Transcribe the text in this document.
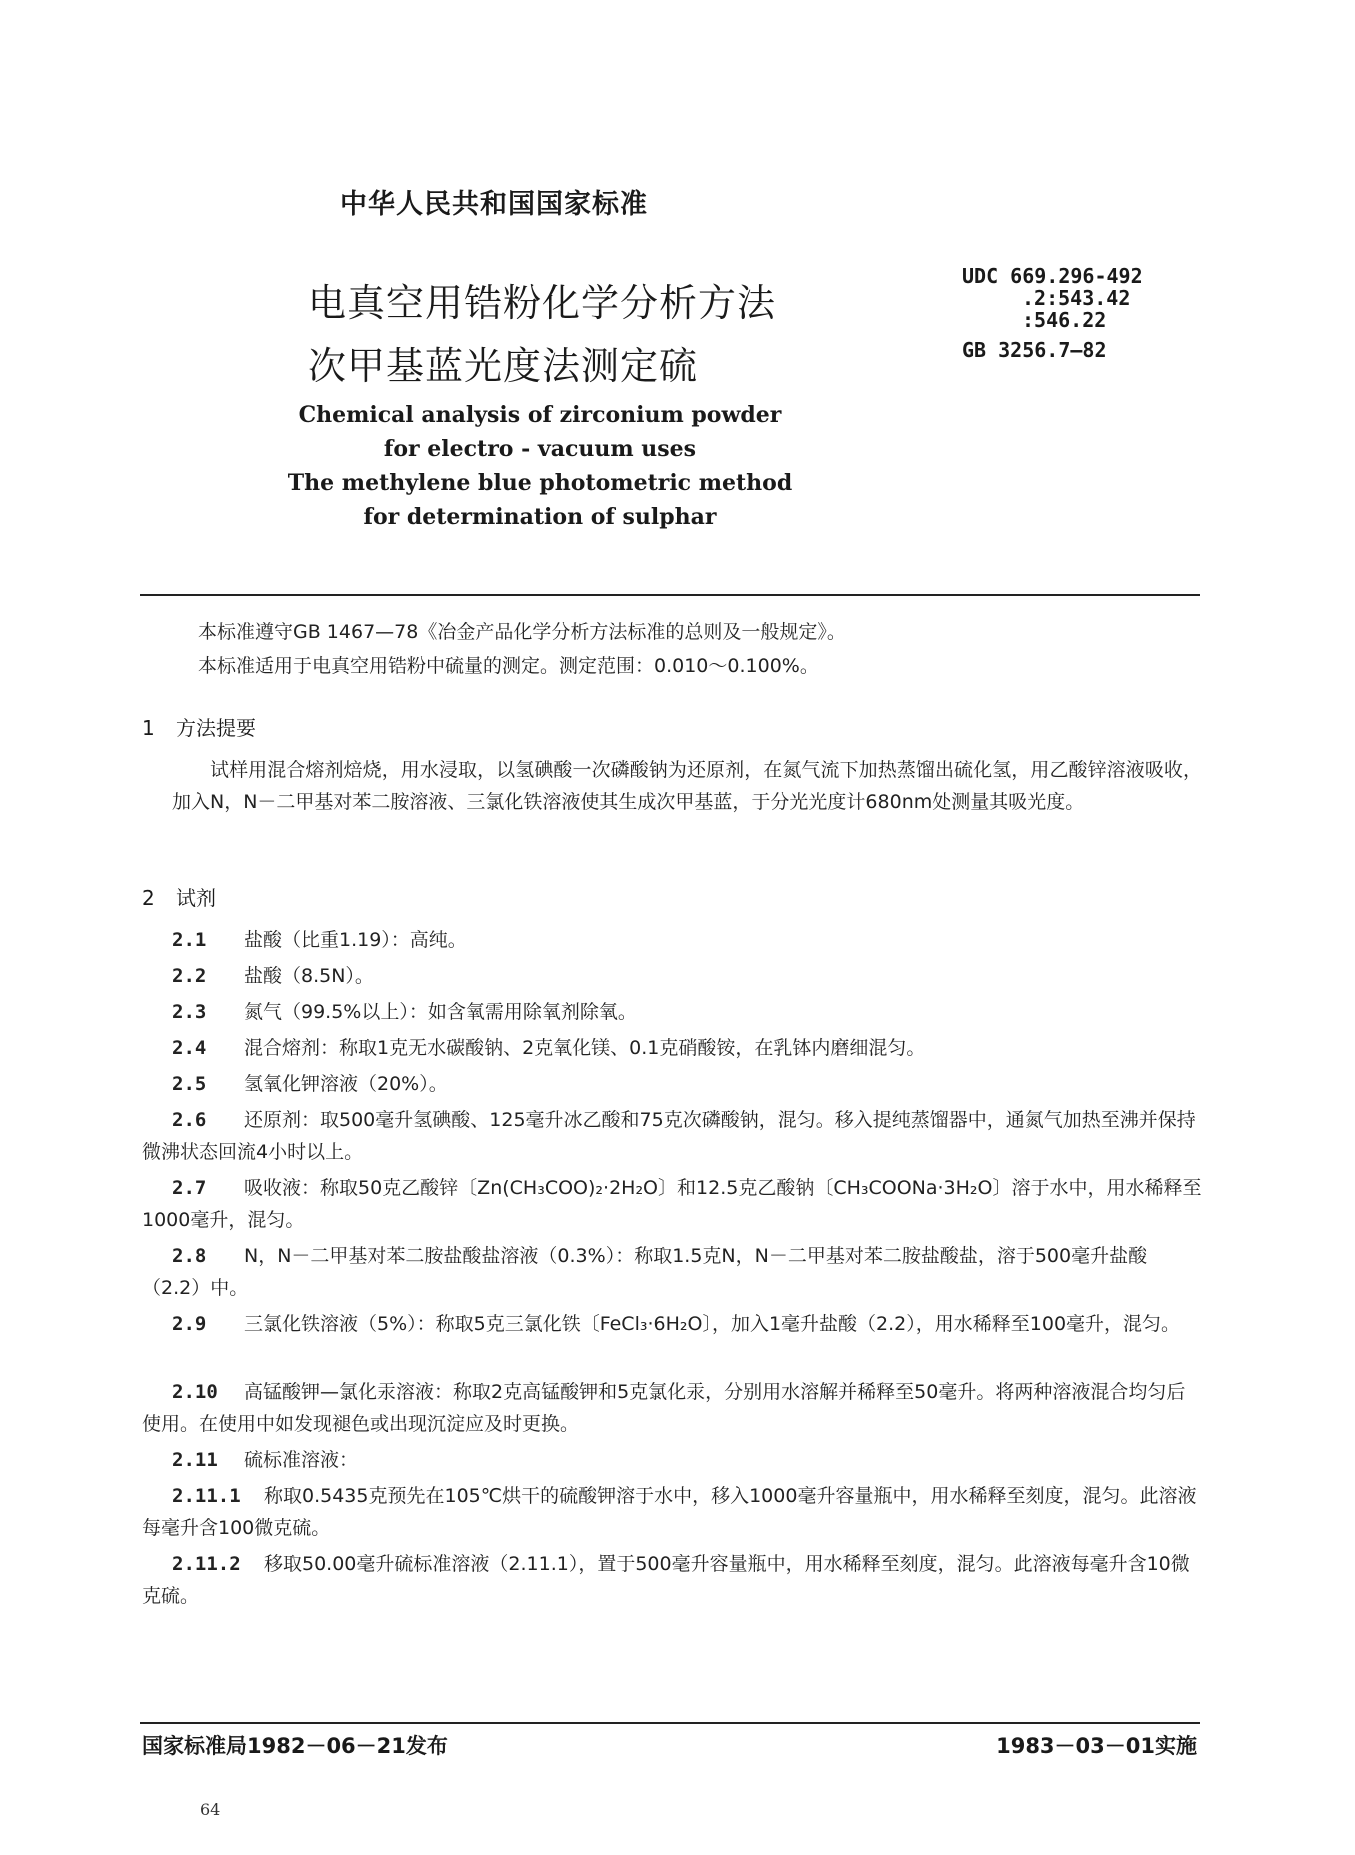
中华人民共和国国家标准
电真空用锆粉化学分析方法
次甲基蓝光度法测定硫
UDC 669.296-492
.2:543.42
:546.22
GB 3256.7—82
Chemical analysis of zirconium powder
for electro - vacuum uses
The methylene blue photometric method
for determination of sulphar
本标准遵守GB 1467—78《冶金产品化学分析方法标准的总则及一般规定》。
本标准适用于电真空用锆粉中硫量的测定。测定范围：0.010～0.100%。
1 方法提要
试样用混合熔剂焙烧，用水浸取，以氢碘酸一次磷酸钠为还原剂，在氮气流下加热蒸馏出硫化氢，用乙酸锌溶液吸收，加入N，N－二甲基对苯二胺溶液、三氯化铁溶液使其生成次甲基蓝，于分光光度计680nm处测量其吸光度。
2 试剂
2.1 盐酸（比重1.19）：高纯。
2.2 盐酸（8.5N）。
2.3 氮气（99.5%以上）：如含氧需用除氧剂除氧。
2.4 混合熔剂：称取1克无水碳酸钠、2克氧化镁、0.1克硝酸铵，在乳钵内磨细混匀。
2.5 氢氧化钾溶液（20%）。
2.6 还原剂：取500毫升氢碘酸、125毫升冰乙酸和75克次磷酸钠，混匀。移入提纯蒸馏器中，通氮气加热至沸并保持微沸状态回流4小时以上。
2.7 吸收液：称取50克乙酸锌〔Zn(CH₃COO)₂·2H₂O〕和12.5克乙酸钠〔CH₃COONa·3H₂O〕溶于水中，用水稀释至1000毫升，混匀。
2.8 N，N－二甲基对苯二胺盐酸盐溶液（0.3%）：称取1.5克N，N－二甲基对苯二胺盐酸盐，溶于500毫升盐酸（2.2）中。
2.9 三氯化铁溶液（5%）：称取5克三氯化铁〔FeCl₃·6H₂O〕，加入1毫升盐酸（2.2），用水稀释至100毫升，混匀。
2.10 高锰酸钾—氯化汞溶液：称取2克高锰酸钾和5克氯化汞，分别用水溶解并稀释至50毫升。将两种溶液混合均匀后使用。在使用中如发现褪色或出现沉淀应及时更换。
2.11 硫标准溶液：
2.11.1 称取0.5435克预先在105℃烘干的硫酸钾溶于水中，移入1000毫升容量瓶中，用水稀释至刻度，混匀。此溶液每毫升含100微克硫。
2.11.2 移取50.00毫升硫标准溶液（2.11.1），置于500毫升容量瓶中，用水稀释至刻度，混匀。此溶液每毫升含10微克硫。
国家标准局1982－06－21发布	1983－03－01实施
64
